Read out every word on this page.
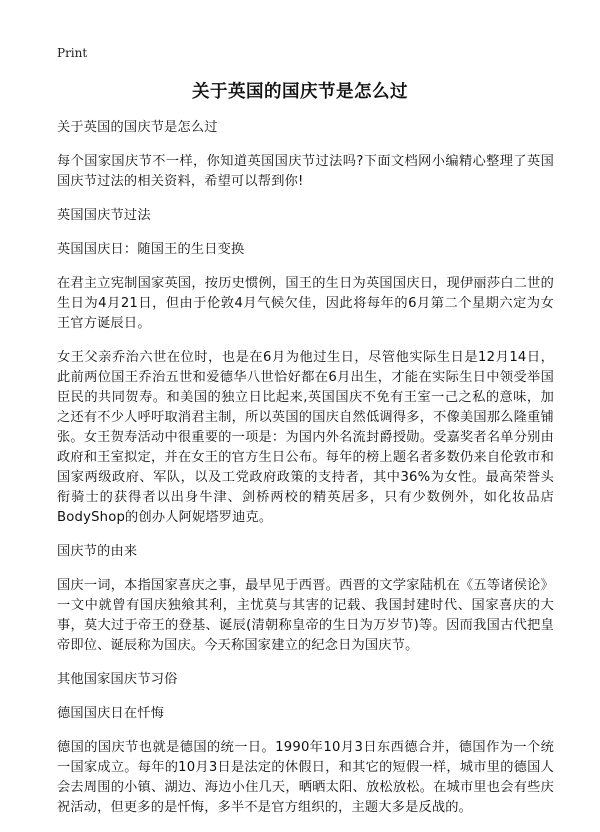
Print
关于英国的国庆节是怎么过

关于英国的国庆节是怎么过

每个国家国庆节不一样，你知道英国国庆节过法吗?下面文档网小编精心整理了英国国庆节过法的相关资料，希望可以帮到你!

英国国庆节过法

英国国庆日：随国王的生日变换

在君主立宪制国家英国，按历史惯例，国王的生日为英国国庆日，现伊丽莎白二世的生日为4月21日，但由于伦敦4月气候欠佳，因此将每年的6月第二个星期六定为女王官方诞辰日。

女王父亲乔治六世在位时，也是在6月为他过生日，尽管他实际生日是12月14日，此前两位国王乔治五世和爱德华八世恰好都在6月出生，才能在实际生日中领受举国臣民的共同贺寿。和美国的独立日比起来,英国国庆不免有王室一己之私的意味，加之还有不少人呼吁取消君主制，所以英国的国庆自然低调得多，不像美国那么隆重铺张。女王贺寿活动中很重要的一项是：为国内外名流封爵授勋。受嘉奖者名单分别由政府和王室拟定，并在女王的官方生日公布。每年的榜上题名者多数仍来自伦敦市和国家两级政府、军队，以及工党政府政策的支持者，其中36%为女性。最高荣誉头衔骑士的获得者以出身牛津、剑桥两校的精英居多，只有少数例外，如化妆品店BodyShop的创办人阿妮塔罗迪克。

国庆节的由来

国庆一词，本指国家喜庆之事，最早见于西晋。西晋的文学家陆机在《五等诸侯论》一文中就曾有国庆独飨其利，主忧莫与其害的记载、我国封建时代、国家喜庆的大事，莫大过于帝王的登基、诞辰(清朝称皇帝的生日为万岁节)等。因而我国古代把皇帝即位、诞辰称为国庆。今天称国家建立的纪念日为国庆节。

其他国家国庆节习俗

德国国庆日在忏悔

德国的国庆节也就是德国的统一日。1990年10月3日东西德合并，德国作为一个统一国家成立。每年的10月3日是法定的休假日，和其它的短假一样，城市里的德国人会去周围的小镇、湖边、海边小住几天，晒晒太阳、放松放松。在城市里也会有些庆祝活动，但更多的是忏悔，多半不是官方组织的，主题大多是反战的。
